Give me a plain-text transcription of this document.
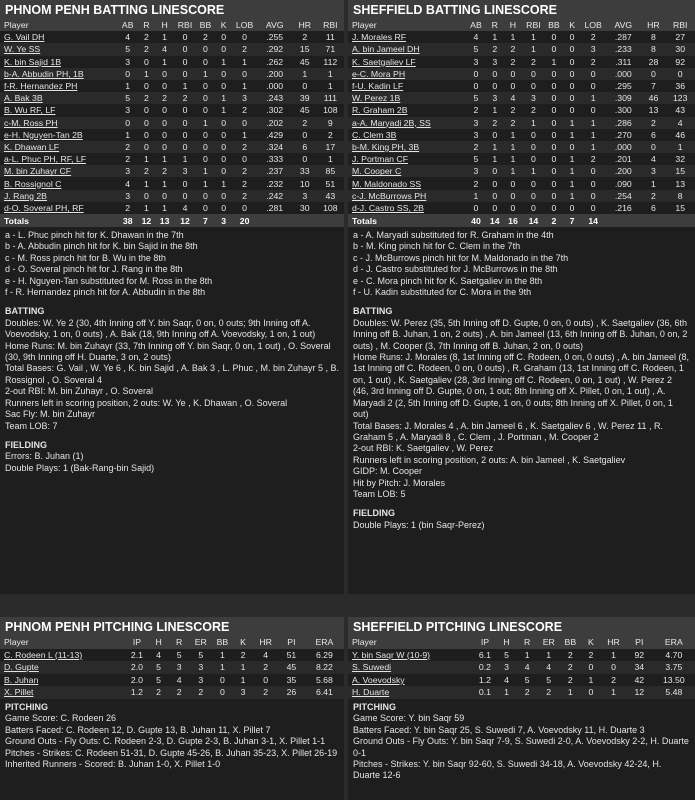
PHNOM PENH BATTING LINESCORE
Player	AB	R	H	RBI	BB	K	LOB	AVG	HR	RBI
G. Vail DH	4	2	1	0	2	0	0	.255	2	11
W. Ye SS	5	2	4	0	0	0	2	.292	15	71
K. bin Sajid 1B	3	0	1	0	0	1	1	.262	45	112
b-A. Abbudin PH, 1B	0	1	0	0	1	0	0	.200	1	1
f-R. Hernandez PH	1	0	0	1	0	0	1	.000	0	1
A. Bak 3B	5	2	2	2	0	1	3	.243	39	111
B. Wu RF, LF	3	0	0	0	0	1	2	.302	45	108
c-M. Ross PH	0	0	0	0	1	0	0	.202	2	9
e-H. Nguyen-Tan 2B	1	0	0	0	0	0	1	.429	0	2
K. Dhawan LF	2	0	0	0	0	0	2	.324	6	17
a-L. Phuc PH, RF, LF	2	1	1	1	0	0	0	.333	0	1
M. bin Zuhayr CF	3	2	2	3	1	0	2	.237	33	85
B. Rossignol C	4	1	1	0	1	1	2	.232	10	51
J. Rang 2B	3	0	0	0	0	0	2	.242	3	43
d-O. Soveral PH, RF	2	1	1	4	0	0	0	.281	30	108
Totals	38	12	13	12	7	3	20			

a - L. Phuc pinch hit for K. Dhawan in the 7th

b - A. Abbudin pinch hit for K. bin Sajid in the 8th

c - M. Ross pinch hit for B. Wu in the 8th

d - O. Soveral pinch hit for J. Rang in the 8th

e - H. Nguyen-Tan substituted for M. Ross in the 8th

f - R. Hernandez pinch hit for A. Abbudin in the 8th

BATTING

Doubles: W. Ye 2 (30, 4th Inning off Y. bin Saqr, 0 on, 0 outs; 9th Inning off A. Voevodsky, 1 on, 0 outs) , A. Bak (18, 9th Inning off A. Voevodsky, 1 on, 1 out)

Home Runs: M. bin Zuhayr (33, 7th Inning off Y. bin Saqr, 0 on, 1 out) , O. Soveral (30, 9th Inning off H. Duarte, 3 on, 2 outs)

Total Bases: G. Vail , W. Ye 6 , K. bin Sajid , A. Bak 3 , L. Phuc , M. bin Zuhayr 5 , B. Rossignol , O. Soveral 4

2-out RBI: M. bin Zuhayr , O. Soveral

Runners left in scoring position, 2 outs: W. Ye , K. Dhawan , O. Soveral

Sac Fly: M. bin Zuhayr

Team LOB: 7

FIELDING

Errors: B. Juhan (1)

Double Plays: 1 (Bak-Rang-bin Sajid)

SHEFFIELD BATTING LINESCORE
Player	AB	R	H	RBI	BB	K	LOB	AVG	HR	RBI
J. Morales RF	4	1	1	1	0	0	2	.287	8	27
A. bin Jameel DH	5	2	2	1	0	0	3	.233	8	30
K. Saetgaliev LF	3	3	2	2	1	0	2	.311	28	92
e-C. Mora PH	0	0	0	0	0	0	0	.000	0	0
f-U. Kadin LF	0	0	0	0	0	0	0	.295	7	36
W. Perez 1B	5	3	4	3	0	0	1	.309	46	123
R. Graham 2B	2	1	2	2	0	0	0	.300	13	43
a-A. Maryadi 2B, SS	3	2	2	1	0	1	1	.286	2	4
C. Clem 3B	3	0	1	0	0	1	1	.270	6	46
b-M. King PH, 3B	2	1	1	0	0	0	1	.000	0	1
J. Portman CF	5	1	1	0	0	1	2	.201	4	32
M. Cooper C	3	0	1	1	0	1	0	.200	3	15
M. Maldonado SS	2	0	0	0	0	1	0	.090	1	13
c-J. McBurrows PH	1	0	0	0	0	1	0	.254	2	8
d-J. Castro SS, 2B	0	0	0	0	0	0	0	.216	6	15
Totals	40	14	16	14	2	7	14			

a - A. Maryadi substituted for R. Graham in the 4th

b - M. King pinch hit for C. Clem in the 7th

c - J. McBurrows pinch hit for M. Maldonado in the 7th

d - J. Castro substituted for J. McBurrows in the 8th

e - C. Mora pinch hit for K. Saetgaliev in the 8th

f - U. Kadin substituted for C. Mora in the 9th

BATTING

Doubles: W. Perez (35, 5th Inning off D. Gupte, 0 on, 0 outs) , K. Saetgaliev (36, 6th Inning off B. Juhan, 1 on, 2 outs) , A. bin Jameel (13, 6th Inning off B. Juhan, 0 on, 2 outs) , M. Cooper (3, 7th Inning off B. Juhan, 2 on, 0 outs)

Home Runs: J. Morales (8, 1st Inning off C. Rodeen, 0 on, 0 outs) , A. bin Jameel (8, 1st Inning off C. Rodeen, 0 on, 0 outs) , R. Graham (13, 1st Inning off C. Rodeen, 1 on, 1 out) , K. Saetgaliev (28, 3rd Inning off C. Rodeen, 0 on, 1 out) , W. Perez 2 (46, 3rd Inning off D. Gupte, 0 on, 1 out; 8th Inning off X. Pillet, 0 on, 1 out) , A. Maryadi 2 (2, 5th Inning off D. Gupte, 1 on, 0 outs; 8th Inning off X. Pillet, 0 on, 1 out)

Total Bases: J. Morales 4 , A. bin Jameel 6 , K. Saetgaliev 6 , W. Perez 11 , R. Graham 5 , A. Maryadi 8 , C. Clem , J. Portman , M. Cooper 2

2-out RBI: K. Saetgaliev , W. Perez

Runners left in scoring position, 2 outs: A. bin Jameel , K. Saetgaliev

GIDP: M. Cooper

Hit by Pitch: J. Morales

Team LOB: 5

FIELDING

Double Plays: 1 (bin Saqr-Perez)

PHNOM PENH PITCHING LINESCORE
Player	IP	H	R	ER	BB	K	HR	PI	ERA
C. Rodeen L (11-13)	2.1	4	5	5	1	2	4	51	6.29
D. Gupte	2.0	5	3	3	1	1	2	45	8.22
B. Juhan	2.0	5	4	3	0	1	0	35	5.68
X. Pillet	1.2	2	2	2	0	3	2	26	6.41
PITCHING

Game Score: C. Rodeen 26

Batters Faced: C. Rodeen 12, D. Gupte 13, B. Juhan 11, X. Pillet 7

Ground Outs - Fly Outs: C. Rodeen 2-3, D. Gupte 2-3, B. Juhan 3-1, X. Pillet 1-1

Pitches - Strikes: C. Rodeen 51-31, D. Gupte 45-26, B. Juhan 35-23, X. Pillet 26-19

Inherited Runners - Scored: B. Juhan 1-0, X. Pillet 1-0

SHEFFIELD PITCHING LINESCORE
Player	IP	H	R	ER	BB	K	HR	PI	ERA
Y. bin Saqr W (10-9)	6.1	5	1	1	2	2	1	92	4.70
S. Suwedi	0.2	3	4	4	2	0	0	34	3.75
A. Voevodsky	1.2	4	5	5	2	1	2	42	13.50
H. Duarte	0.1	1	2	2	1	0	1	12	5.48
PITCHING

Game Score: Y. bin Saqr 59

Batters Faced: Y. bin Saqr 25, S. Suwedi 7, A. Voevodsky 11, H. Duarte 3

Ground Outs - Fly Outs: Y. bin Saqr 7-9, S. Suwedi 2-0, A. Voevodsky 2-2, H. Duarte 0-1

Pitches - Strikes: Y. bin Saqr 92-60, S. Suwedi 34-18, A. Voevodsky 42-24, H. Duarte 12-6
